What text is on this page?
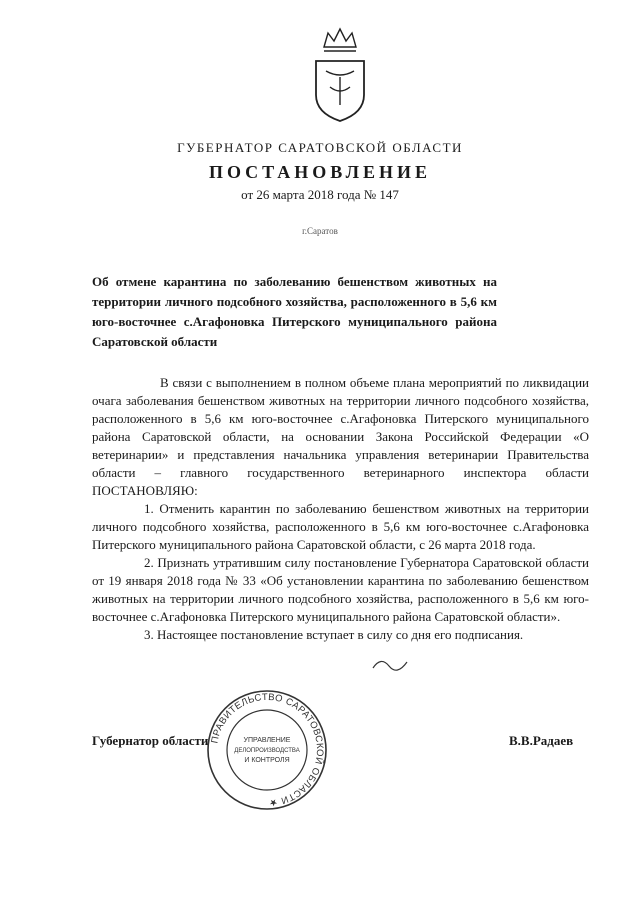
ГУБЕРНАТОР САРАТОВСКОЙ ОБЛАСТИ
ПОСТАНОВЛЕНИЕ
от 26 марта 2018 года № 147
г.Саратов
Об отмене карантина по заболеванию бешенством животных на территории личного подсобного хозяйства, расположенного в 5,6 км юго-восточнее с.Агафоновка Питерского муниципального района Саратовской области

В связи с выполнением в полном объеме плана мероприятий по ликвидации очага заболевания бешенством животных на территории личного подсобного хозяйства, расположенного в 5,6 км юго-восточнее с.Агафоновка Питерского муниципального района Саратовской области, на основании Закона Российской Федерации «О ветеринарии» и представления начальника управления ветеринарии Правительства области – главного государственного ветеринарного инспектора области ПОСТАНОВЛЯЮ:

1. Отменить карантин по заболеванию бешенством животных на территории личного подсобного хозяйства, расположенного в 5,6 км юго-восточнее с.Агафоновка Питерского муниципального района Саратовской области, с 26 марта 2018 года.

2. Признать утратившим силу постановление Губернатора Саратовской области от 19 января 2018 года № 33 «Об установлении карантина по заболеванию бешенством животных на территории личного подсобного хозяйства, расположенного в 5,6 км юго-восточнее с.Агафоновка Питерского муниципального района Саратовской области».

3. Настоящее постановление вступает в силу со дня его подписания.

Губернатор области	В.В.Радаев
ПРАВИТЕЛЬСТВО САРАТОВСКОЙ ОБЛАСТИ ★
УПРАВЛЕНИЕ
ДЕЛОПРОИЗВОДСТВА
И КОНТРОЛЯ
